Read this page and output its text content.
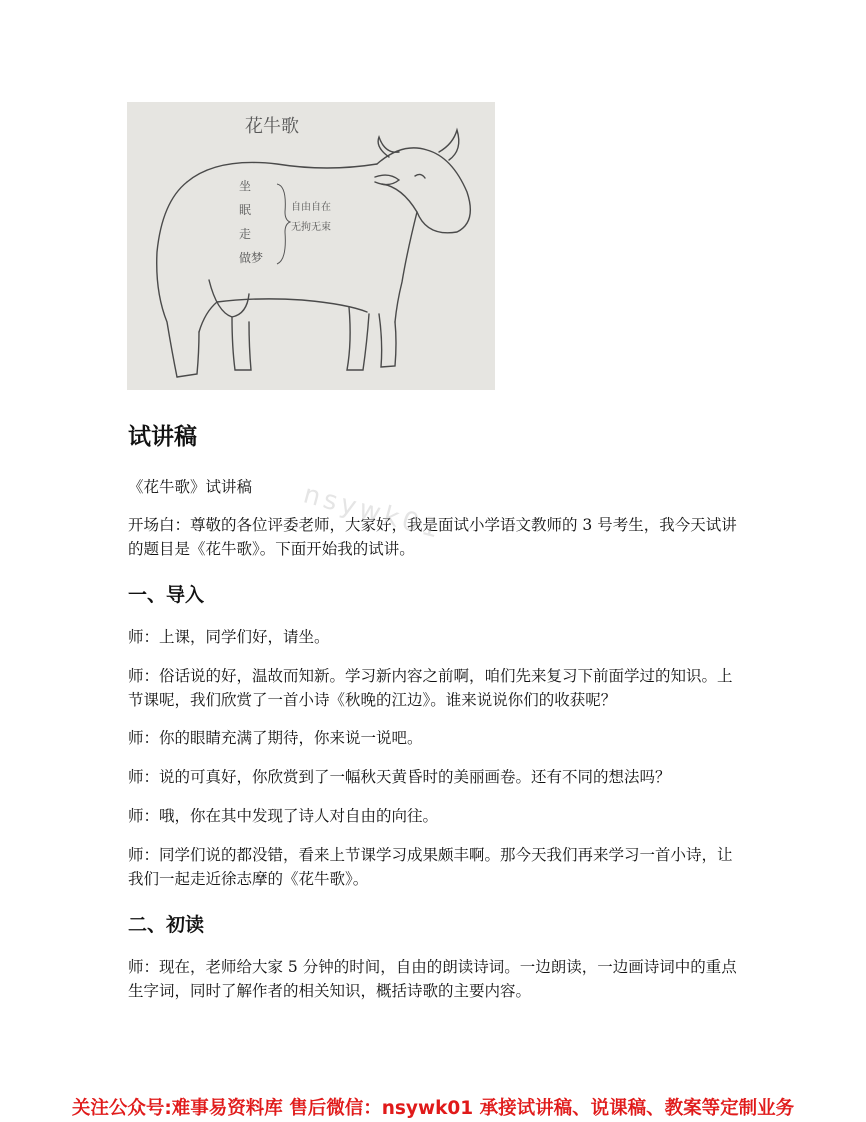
花牛歌
坐
眠
走
做梦
自由自在
无拘无束
试讲稿

《花牛歌》试讲稿

开场白：尊敬的各位评委老师，大家好，我是面试小学语文教师的 3 号考生，我今天试讲的题目是《花牛歌》。下面开始我的试讲。

nsywk01
一、导入

师：上课，同学们好，请坐。

师：俗话说的好，温故而知新。学习新内容之前啊，咱们先来复习下前面学过的知识。上节课呢，我们欣赏了一首小诗《秋晚的江边》。谁来说说你们的收获呢？

师：你的眼睛充满了期待，你来说一说吧。

师：说的可真好，你欣赏到了一幅秋天黄昏时的美丽画卷。还有不同的想法吗？

师：哦，你在其中发现了诗人对自由的向往。

师：同学们说的都没错，看来上节课学习成果颇丰啊。那今天我们再来学习一首小诗，让我们一起走近徐志摩的《花牛歌》。

二、初读

师：现在，老师给大家 5 分钟的时间，自由的朗读诗词。一边朗读，一边画诗词中的重点生字词，同时了解作者的相关知识，概括诗歌的主要内容。

关注公众号:难事易资料库 售后微信：nsywk01 承接试讲稿、说课稿、教案等定制业务
